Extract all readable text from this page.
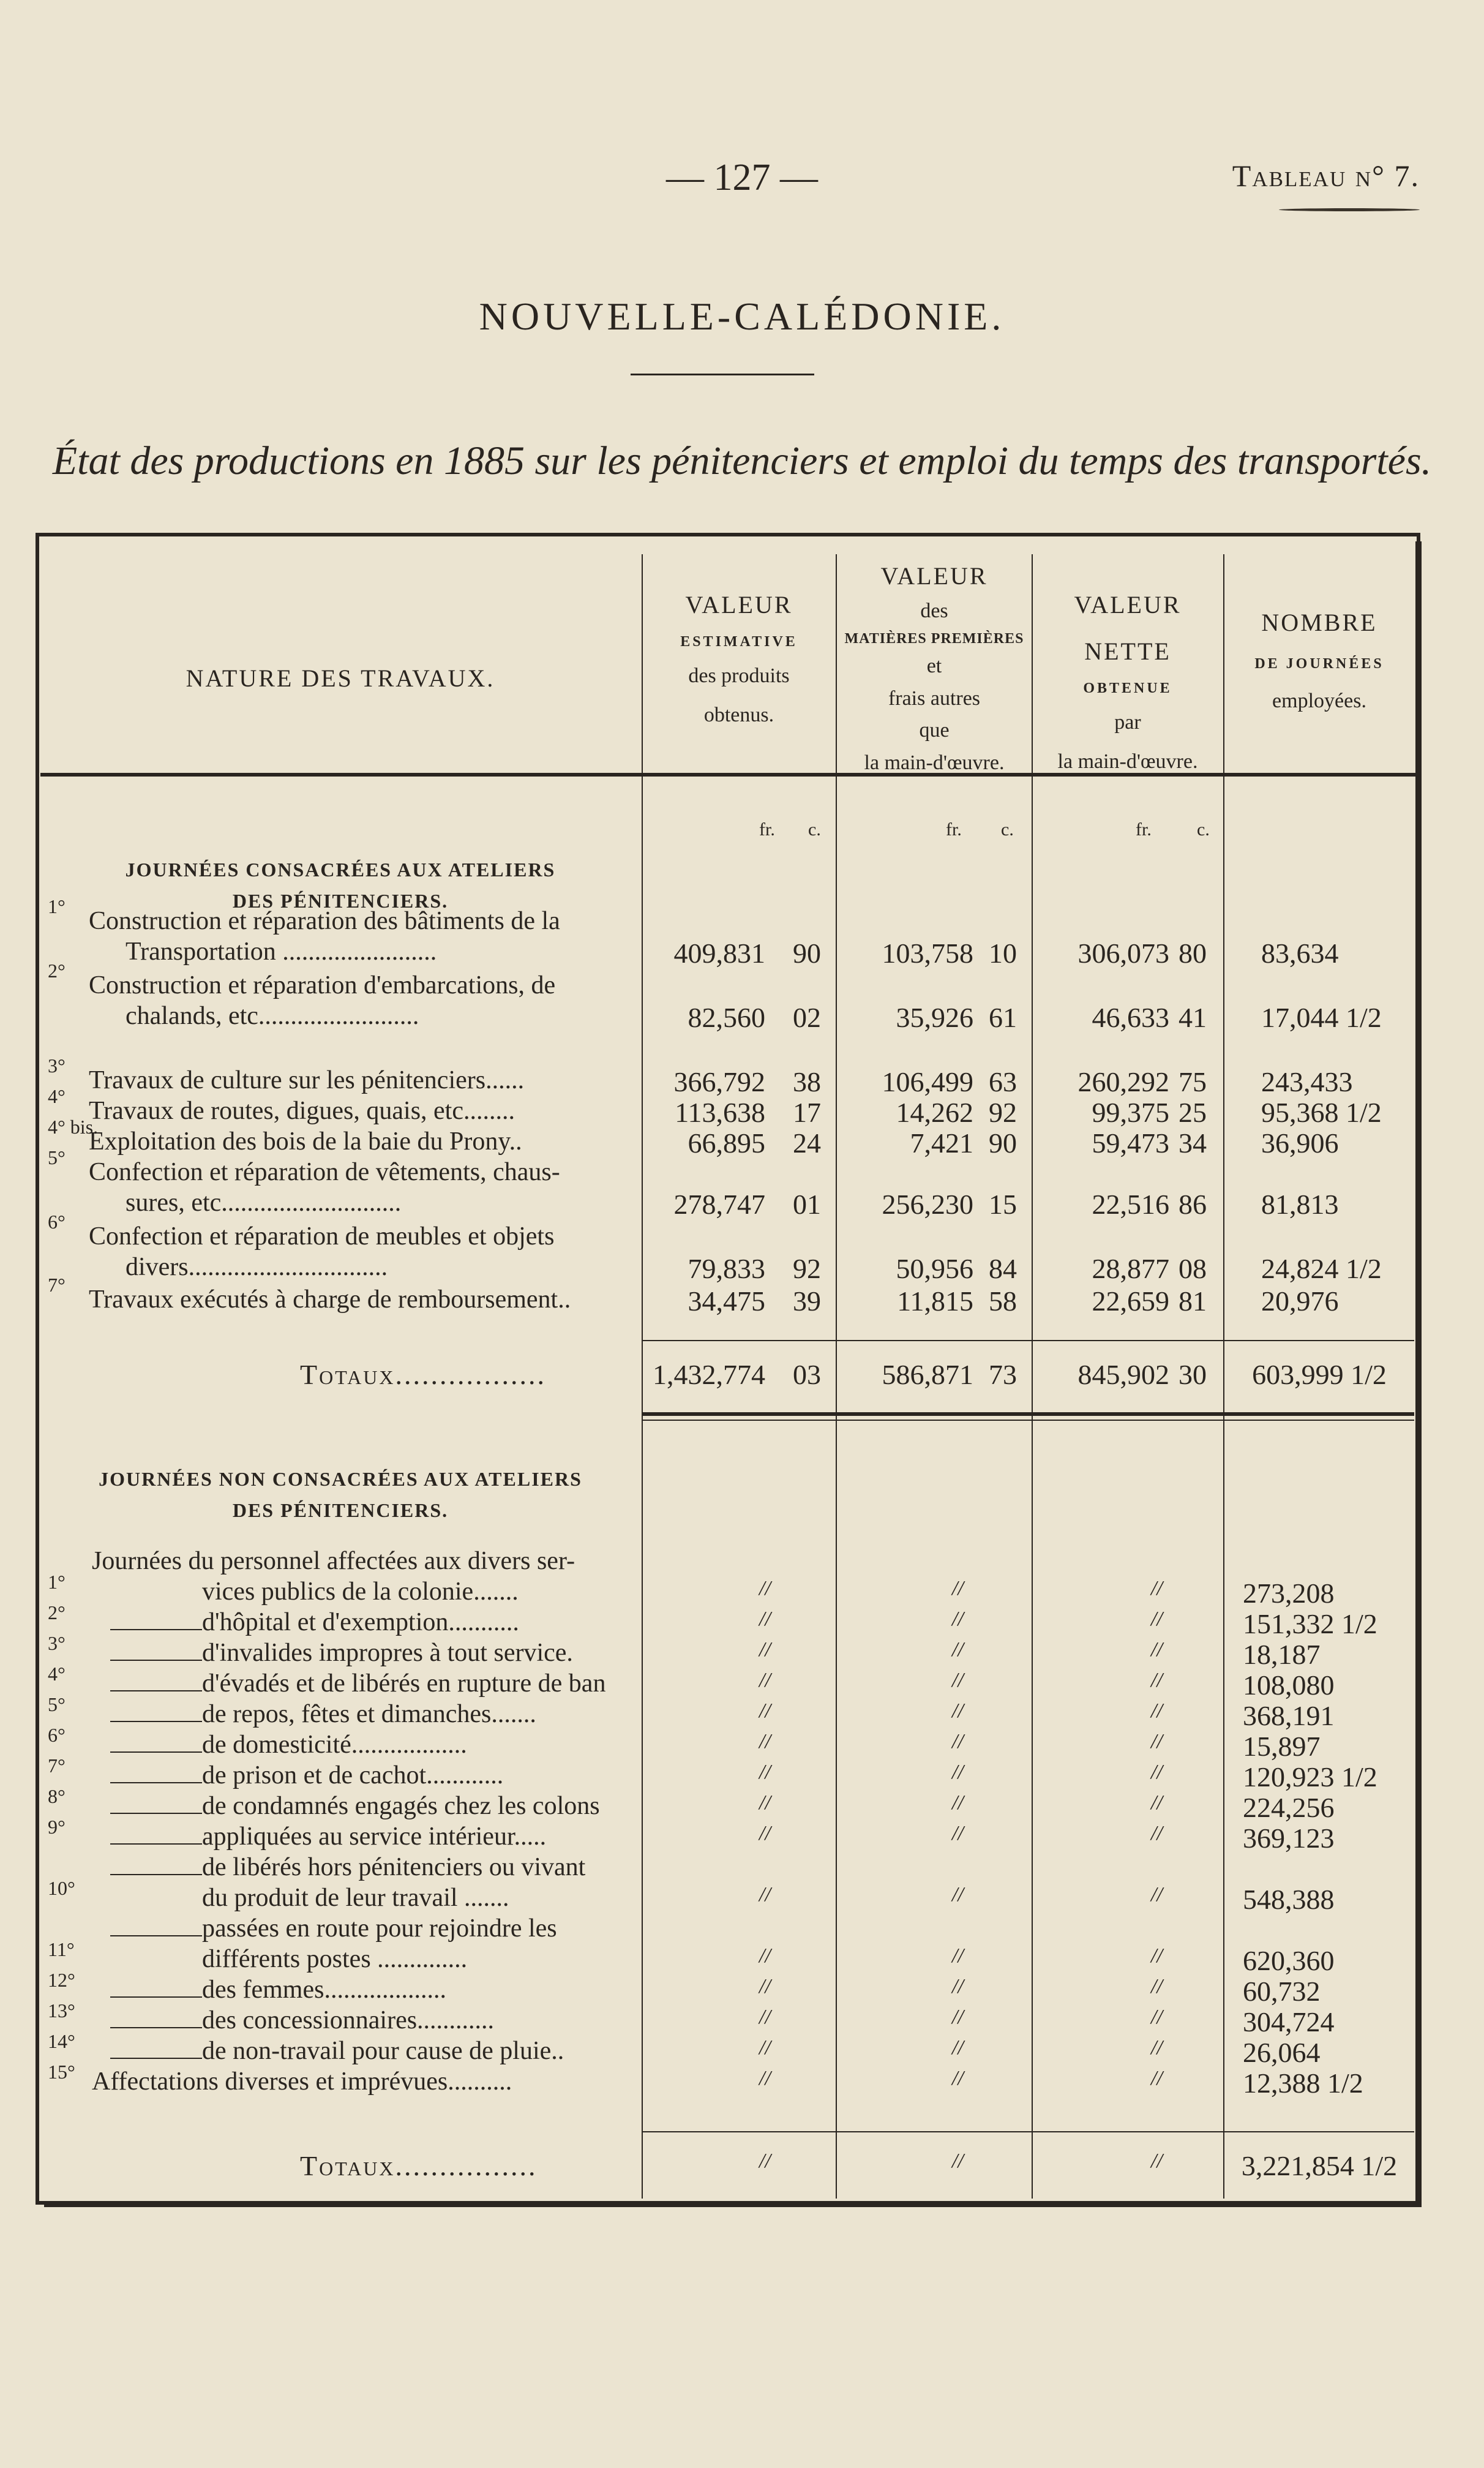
— 127 —	Tableau n° 7.
NOUVELLE-CALÉDONIE.
État des productions en 1885 sur les pénitenciers et emploi du temps des transportés.
NATURE DES TRAVAUX.
VALEUR
ESTIMATIVE
des produits
obtenus.
VALEUR
des
MATIÈRES PREMIÈRES
et
frais autres
que
la main-d'œuvre.
VALEUR NETTE
OBTENUE
par
la main-d'œuvre.
NOMBRE
DE JOURNÉES
employées.
fr. c.	fr. c.	fr. c.
JOURNÉES CONSACRÉES AUX ATELIERS
DES PÉNITENCIERS.
1°
Construction et réparation des bâtiments de la
Transportation ........................	409,831 90	103,758 10	306,073 80 83,634
2°
Construction et réparation d'embarcations, de
chalands, etc.........................	82,560 02	35,926 61	46,633 41 17,044 1/2
3°
Travaux de culture sur les pénitenciers......	366,792 38	106,499 63	260,292 75 243,433
4°
Travaux de routes, digues, quais, etc........	113,638 17	14,262 92	99,375 25 95,368 1/2
4° bis.
Exploitation des bois de la baie du Prony..	66,895 24	7,421 90	59,473 34 36,906
5°
Confection et réparation de vêtements, chaus-
sures, etc............................	278,747 01	256,230 15	22,516 86 81,813
6°
Confection et réparation de meubles et objets
divers...............................	79,833 92	50,956 84	28,877 08 24,824 1/2
7°
Travaux exécutés à charge de remboursement..	34,475 39	11,815 58	22,659 81 20,976
Totaux.................	1,432,774 03	586,871 73	845,902 30	603,999 1/2
JOURNÉES NON CONSACRÉES AUX ATELIERS
DES PÉNITENCIERS.
1°
Journées du personnel affectées aux divers ser-
vices publics de la colonie.......	//	//	//	273,208
2°	d'hôpital et d'exemption...........	//	//	//	151,332 1/2
3°	d'invalides impropres à tout service.	//	//	//	18,187
4°	d'évadés et de libérés en rupture de ban	//	//	//	108,080
5°	de repos, fêtes et dimanches.......	//	//	//	368,191
6°	de domesticité..................	//	//	//	15,897
7°	de prison et de cachot............	//	//	//	120,923 1/2
8°	de condamnés engagés chez les colons	//	//	//	224,256
9°	appliquées au service intérieur.....	//	//	//	369,123
10°
de libérés hors pénitenciers ou vivant
du produit de leur travail .......	//	//	//	548,388
11°
passées en route pour rejoindre les
différents postes ..............	//	//	//	620,360
12°	des femmes...................	//	//	//	60,732
13°	des concessionnaires............	//	//	//	304,724
14°	de non-travail pour cause de pluie..	//	//	//	26,064
15° Affectations diverses et imprévues..........	//	//	//	12,388 1/2
Totaux................	//	//	//	3,221,854 1/2
